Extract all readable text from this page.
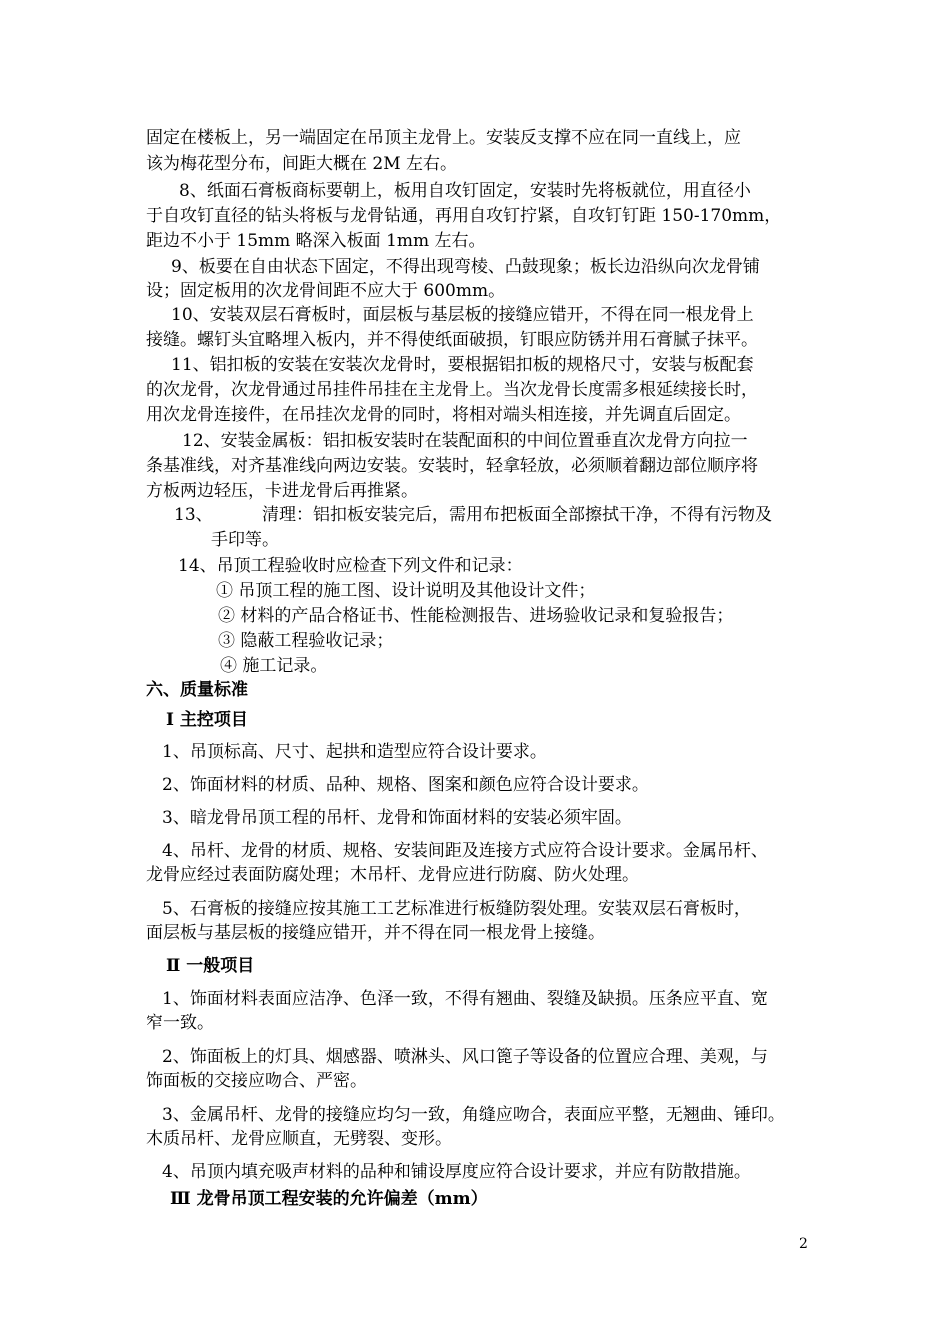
固定在楼板上，另一端固定在吊顶主龙骨上。安装反支撑不应在同一直线上，应
该为梅花型分布，间距大概在 2M 左右。
8、纸面石膏板商标要朝上，板用自攻钉固定，安装时先将板就位，用直径小
于自攻钉直径的钻头将板与龙骨钻通，再用自攻钉拧紧，自攻钉钉距 150-170mm，
距边不小于 15mm 略深入板面 1mm 左右。
9、板要在自由状态下固定，不得出现弯棱、凸鼓现象；板长边沿纵向次龙骨铺
设；固定板用的次龙骨间距不应大于 600mm。
10、安装双层石膏板时，面层板与基层板的接缝应错开，不得在同一根龙骨上
接缝。螺钉头宜略埋入板内，并不得使纸面破损，钉眼应防锈并用石膏腻子抹平。
11、铝扣板的安装在安装次龙骨时，要根据铝扣板的规格尺寸，安装与板配套
的次龙骨，次龙骨通过吊挂件吊挂在主龙骨上。当次龙骨长度需多根延续接长时，
用次龙骨连接件，在吊挂次龙骨的同时，将相对端头相连接，并先调直后固定。
12、安装金属板：铝扣板安装时在装配面积的中间位置垂直次龙骨方向拉一
条基准线，对齐基准线向两边安装。安装时，轻拿轻放，必须顺着翻边部位顺序将
方板两边轻压，卡进龙骨后再推紧。
13、	清理：铝扣板安装完后，需用布把板面全部擦拭干净，不得有污物及
手印等。
14、吊顶工程验收时应检查下列文件和记录：
① 吊顶工程的施工图、设计说明及其他设计文件；
② 材料的产品合格证书、性能检测报告、进场验收记录和复验报告；
③ 隐蔽工程验收记录；
④ 施工记录。
六、质量标准
Ⅰ 主控项目
1、吊顶标高、尺寸、起拱和造型应符合设计要求。
2、饰面材料的材质、品种、规格、图案和颜色应符合设计要求。
3、暗龙骨吊顶工程的吊杆、龙骨和饰面材料的安装必须牢固。
4、吊杆、龙骨的材质、规格、安装间距及连接方式应符合设计要求。金属吊杆、
龙骨应经过表面防腐处理；木吊杆、龙骨应进行防腐、防火处理。
5、石膏板的接缝应按其施工工艺标准进行板缝防裂处理。安装双层石膏板时，
面层板与基层板的接缝应错开，并不得在同一根龙骨上接缝。
Ⅱ 一般项目
1、饰面材料表面应洁净、色泽一致，不得有翘曲、裂缝及缺损。压条应平直、宽
窄一致。
2、饰面板上的灯具、烟感器、喷淋头、风口篦子等设备的位置应合理、美观，与
饰面板的交接应吻合、严密。
3、金属吊杆、龙骨的接缝应均匀一致，角缝应吻合，表面应平整，无翘曲、锤印。
木质吊杆、龙骨应顺直，无劈裂、变形。
4、吊顶内填充吸声材料的品种和铺设厚度应符合设计要求，并应有防散措施。
Ⅲ 龙骨吊顶工程安装的允许偏差（mm）
2
